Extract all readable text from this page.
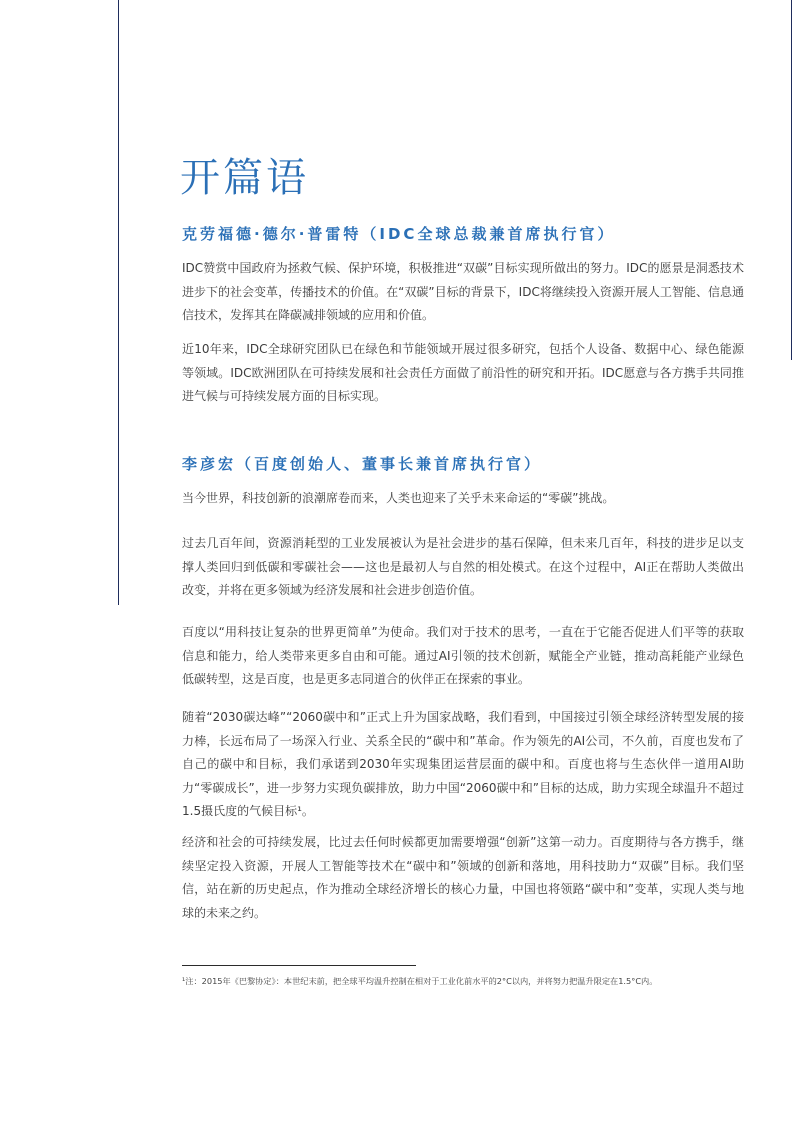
开篇语
克劳福德·德尔·普雷特（IDC全球总裁兼首席执行官）

IDC赞赏中国政府为拯救气候、保护环境，积极推进“双碳”目标实现所做出的努力。IDC的愿景是洞悉技术进步下的社会变革，传播技术的价值。在“双碳”目标的背景下，IDC将继续投入资源开展人工智能、信息通信技术，发挥其在降碳减排领域的应用和价值。

近10年来，IDC全球研究团队已在绿色和节能领域开展过很多研究，包括个人设备、数据中心、绿色能源等领域。IDC欧洲团队在可持续发展和社会责任方面做了前沿性的研究和开拓。IDC愿意与各方携手共同推进气候与可持续发展方面的目标实现。

李彦宏（百度创始人、董事长兼首席执行官）

当今世界，科技创新的浪潮席卷而来，人类也迎来了关乎未来命运的“零碳”挑战。

过去几百年间，资源消耗型的工业发展被认为是社会进步的基石保障，但未来几百年，科技的进步足以支撑人类回归到低碳和零碳社会——这也是最初人与自然的相处模式。在这个过程中，AI正在帮助人类做出改变，并将在更多领域为经济发展和社会进步创造价值。

百度以“用科技让复杂的世界更简单”为使命。我们对于技术的思考，一直在于它能否促进人们平等的获取信息和能力，给人类带来更多自由和可能。通过AI引领的技术创新，赋能全产业链，推动高耗能产业绿色低碳转型，这是百度，也是更多志同道合的伙伴正在探索的事业。

随着“2030碳达峰”“2060碳中和”正式上升为国家战略，我们看到，中国接过引领全球经济转型发展的接力棒，长远布局了一场深入行业、关系全民的“碳中和”革命。作为领先的AI公司，不久前，百度也发布了自己的碳中和目标，我们承诺到2030年实现集团运营层面的碳中和。百度也将与生态伙伴一道用AI助力“零碳成长”，进一步努力实现负碳排放，助力中国“2060碳中和”目标的达成，助力实现全球温升不超过1.5摄氏度的气候目标¹。

经济和社会的可持续发展，比过去任何时候都更加需要增强“创新”这第一动力。百度期待与各方携手，继续坚定投入资源，开展人工智能等技术在“碳中和”领域的创新和落地，用科技助力“双碳”目标。我们坚信，站在新的历史起点，作为推动全球经济增长的核心力量，中国也将领路“碳中和”变革，实现人类与地球的未来之约。

¹注：2015年《巴黎协定》：本世纪末前，把全球平均温升控制在相对于工业化前水平的2°C以内，并将努力把温升限定在1.5°C内。
